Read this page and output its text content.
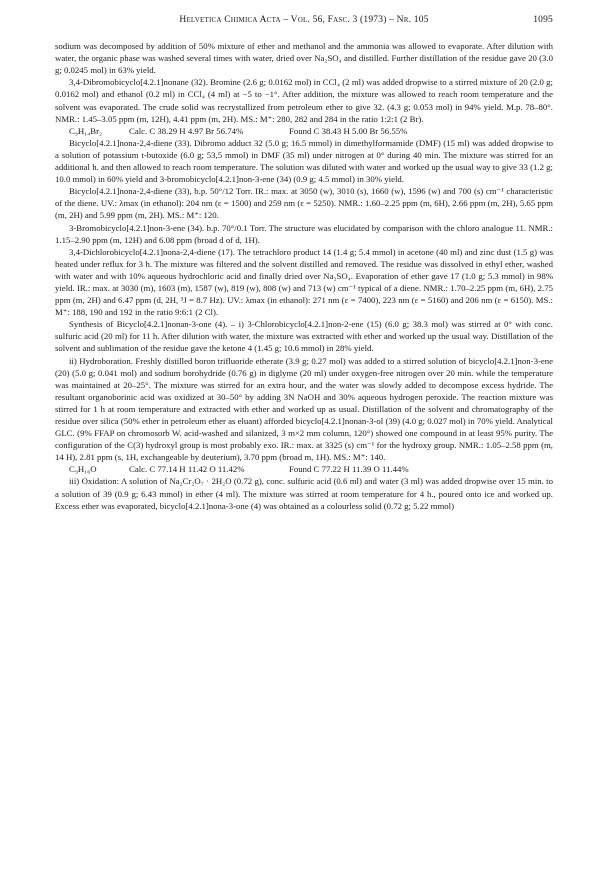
Helvetica Chimica Acta – Vol. 56, Fasc. 3 (1973) – Nr. 105	1095

sodium was decomposed by addition of 50% mixture of ether and methanol and the ammonia was allowed to evaporate. After dilution with water, the organic phase was washed several times with water, dried over Na₂SO₄ and distilled. Further distillation of the residue gave 20 (3.0 g; 0.0245 mol) in 63% yield.

3,4-Dibromobicyclo[4.2.1]nonane (32). Bromine (2.6 g; 0.0162 mol) in CCl₄ (2 ml) was added dropwise to a stirred mixture of 20 (2.0 g; 0.0162 mol) and ethanol (0.2 ml) in CCl₄ (4 ml) at −5 to −1°. After addition, the mixture was allowed to reach room temperature and the solvent was evaporated. The crude solid was recrystallized from petroleum ether to give 32. (4.3 g; 0.053 mol) in 94% yield. M.p. 78–80°. NMR.: 1.45–3.05 ppm (m, 12H), 4.41 ppm (m, 2H). MS.: M⁺: 280, 282 and 284 in the ratio 1:2:1 (2 Br).

C₉H₁₄Br₂	Calc. C 38.29 H 4.97 Br 56.74%	Found C 38.43 H 5.00 Br 56.55%

Bicyclo[4.2.1]nona-2,4-diene (33). Dibromo adduct 32 (5.0 g; 16.5 mmol) in dimethylformamide (DMF) (15 ml) was added dropwise to a solution of potassium t-butoxide (6.0 g; 53,5 mmol) in DMF (35 ml) under nitrogen at 0° during 40 min. The mixture was stirred for an additional h. and then allowed to reach room temperature. The solution was diluted with water and worked up the usual way to give 33 (1.2 g; 10.0 mmol) in 60% yield and 3-bromobicyclo[4.2.1]non-3-ene (34) (0.9 g; 4.5 mmol) in 30% yield.

Bicyclo[4.2.1]nona-2,4-diene (33), b.p. 50°/12 Torr. IR.: max. at 3050 (w), 3010 (s), 1660 (w), 1596 (w) and 700 (s) cm⁻¹ characteristic of the diene. UV.: λmax (in ethanol): 204 nm (ε = 1500) and 259 nm (ε = 5250). NMR.: 1.60–2.25 ppm (m, 6H), 2.66 ppm (m, 2H), 5.65 ppm (m, 2H) and 5.99 ppm (m, 2H). MS.: M⁺: 120.

3-Bromobicyclo[4.2.1]non-3-ene (34). b.p. 70°/0.1 Torr. The structure was elucidated by comparison with the chloro analogue 11. NMR.: 1.15–2.90 ppm (m, 12H) and 6.08 ppm (broad d of d, 1H).

3,4-Dichlorobicyclo[4.2.1]nona-2,4-diene (17). The tetrachloro product 14 (1.4 g; 5.4 mmol) in acetone (40 ml) and zinc dust (1.5 g) was heated under reflux for 3 h. The mixture was filtered and the solvent distilled and removed. The residue was dissolved in ethyl ether, washed with water and with 10% aqueous hydrochloric acid and finally dried over Na₂SO₄. Evaporation of ether gave 17 (1.0 g; 5.3 mmol) in 98% yield. IR.: max. at 3030 (m), 1603 (m), 1587 (w), 819 (w), 808 (w) and 713 (w) cm⁻¹ typical of a diene. NMR.: 1.70–2.25 ppm (m, 6H), 2.75 ppm (m, 2H) and 6.47 ppm (d, 2H, ³J = 8.7 Hz). UV.: λmax (in ethanol): 271 nm (ε = 7400), 223 nm (ε = 5160) and 206 nm (ε = 6150). MS.: M⁺: 188, 190 and 192 in the ratio 9:6:1 (2 Cl).

Synthesis of Bicyclo[4.2.1]nonan-3-one (4). – i) 3-Chlorobicyclo[4.2.1]non-2-ene (15) (6.0 g; 38.3 mol) was stirred at 0° with conc. sulfuric acid (20 ml) for 11 h. After dilution with water, the mixture was extracted with ether and worked up the usual way. Distillation of the solvent and sublimation of the residue gave the ketone 4 (1.45 g; 10.6 mmol) in 28% yield.

ii) Hydroboration. Freshly distilled boron trifluoride etherate (3.9 g; 0.27 mol) was added to a stirred solution of bicyclo[4.2.1]non-3-ene (20) (5.0 g; 0.041 mol) and sodium borohydride (0.76 g) in diglyme (20 ml) under oxygen-free nitrogen over 20 min. while the temperature was maintained at 20–25°. The mixture was stirred for an extra hour, and the water was slowly added to decompose excess hydride. The resultant organoborinic acid was oxidized at 30–50° by adding 3N NaOH and 30% aqueous hydrogen peroxide. The reaction mixture was stirred for 1 h at room temperature and extracted with ether and worked up as usual. Distillation of the solvent and chromatography of the residue over silica (50% ether in petroleum ether as eluant) afforded bicyclo[4.2.1]nonan-3-ol (39) (4.0 g; 0.027 mol) in 70% yield. Analytical GLC. (9% FFAP on chromosorb W. acid-washed and silanized, 3 m×2 mm column, 120°) showed one compound in at least 95% purity. The configuration of the C(3) hydroxyl group is most probably exo. IR.: max. at 3325 (s) cm⁻¹ for the hydroxy group. NMR.: 1.05–2.58 ppm (m, 14 H), 2.81 ppm (s, 1H, exchangeable by deuterium), 3.70 ppm (broad m, 1H). MS.: M⁺: 140.

C₉H₁₆O	Calc. C 77.14 H 11.42 O 11.42%	Found C 77.22 H 11.39 O 11.44%

iii) Oxidation: A solution of Na₂Cr₂O₇ · 2H₂O (0.72 g), conc. sulfuric acid (0.6 ml) and water (3 ml) was added dropwise over 15 min. to a solution of 39 (0.9 g; 6.43 mmol) in ether (4 ml). The mixture was stirred at room temperature for 4 h., poured onto ice and worked up. Excess ether was evaporated, bicyclo[4.2.1]nona-3-one (4) was obtained as a colourless solid (0.72 g; 5.22 mmol)
